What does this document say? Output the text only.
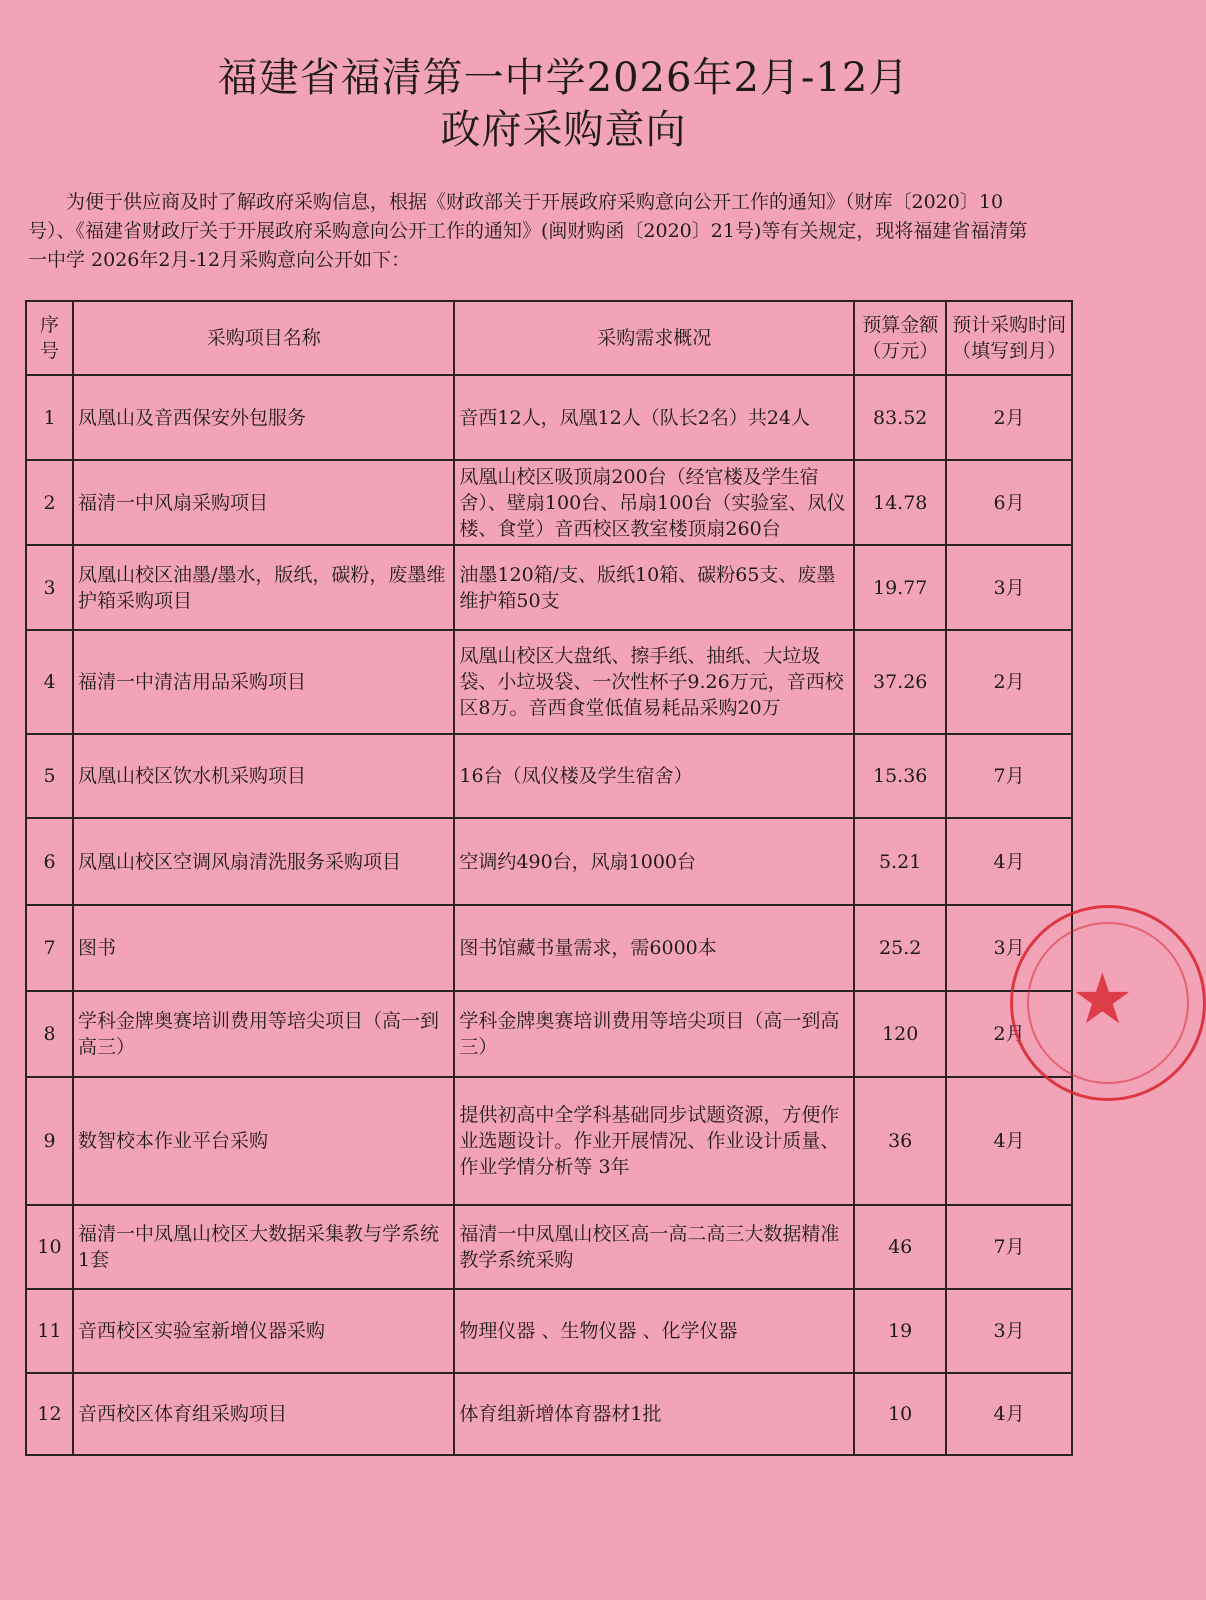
福建省福清第一中学2026年2月-12月
政府采购意向
为便于供应商及时了解政府采购信息，根据《财政部关于开展政府采购意向公开工作的通知》（财库〔2020〕10号）、《福建省财政厅关于开展政府采购意向公开工作的通知》(闽财购函〔2020〕21号)等有关规定，现将福建省福清第一中学 2026年2月-12月采购意向公开如下：
序号	采购项目名称	采购需求概况	预算金额（万元）	预计采购时间（填写到月）
1	凤凰山及音西保安外包服务	音西12人，凤凰12人（队长2名）共24人	83.52	2月
2	福清一中风扇采购项目	凤凰山校区吸顶扇200台（经官楼及学生宿舍）、壁扇100台、吊扇100台（实验室、凤仪楼、食堂）音西校区教室楼顶扇260台	14.78	6月
3	凤凰山校区油墨/墨水，版纸，碳粉，废墨维护箱采购项目	油墨120箱/支、版纸10箱、碳粉65支、废墨维护箱50支	19.77	3月
4	福清一中清洁用品采购项目	凤凰山校区大盘纸、擦手纸、抽纸、大垃圾袋、小垃圾袋、一次性杯子9.26万元，音西校区8万。音西食堂低值易耗品采购20万	37.26	2月
5	凤凰山校区饮水机采购项目	16台（凤仪楼及学生宿舍）	15.36	7月
6	凤凰山校区空调风扇清洗服务采购项目	空调约490台，风扇1000台	5.21	4月
7	图书	图书馆藏书量需求，需6000本	25.2	3月
8	学科金牌奥赛培训费用等培尖项目（高一到高三）	学科金牌奥赛培训费用等培尖项目（高一到高三）	120	2月
9	数智校本作业平台采购	提供初高中全学科基础同步试题资源，方便作业选题设计。作业开展情况、作业设计质量、作业学情分析等 3年	36	4月
10	福清一中凤凰山校区大数据采集教与学系统1套	福清一中凤凰山校区高一高二高三大数据精准教学系统采购	46	7月
11	音西校区实验室新增仪器采购	物理仪器 、生物仪器 、化学仪器	19	3月
12	音西校区体育组采购项目	体育组新增体育器材1批	10	4月
★
